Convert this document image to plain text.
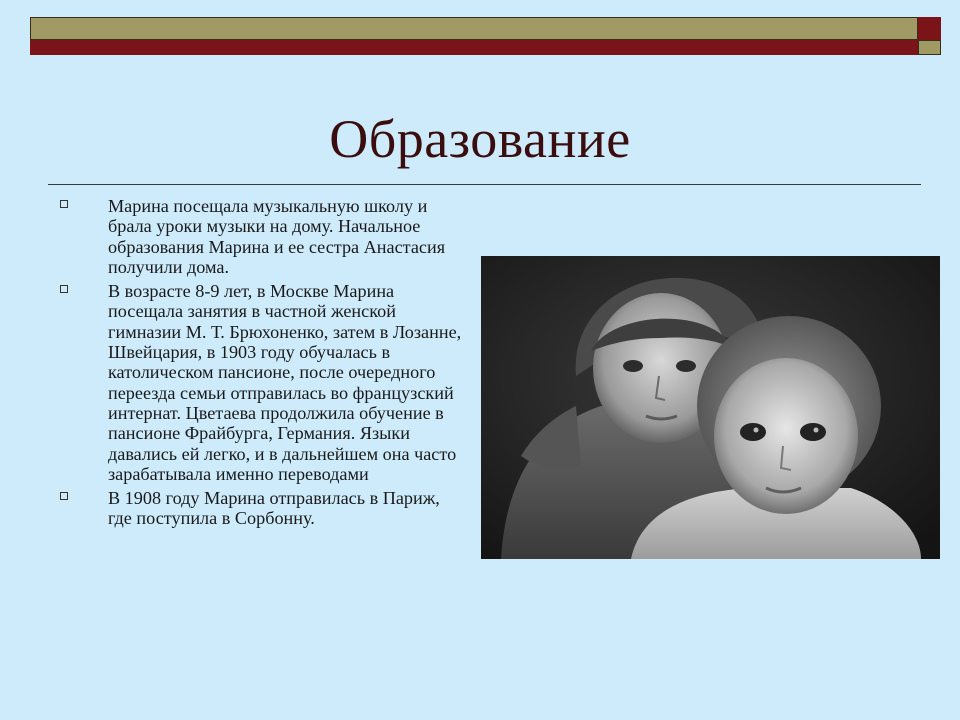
Образование
Марина посещала музыкальную школу и брала уроки музыки на дому. Начальное образования Марина и ее сестра Анастасия получили дома.
В возрасте 8-9 лет, в Москве Марина посещала занятия в частной женской гимназии М. Т. Брюхоненко, затем в Лозанне, Швейцария, в 1903 году обучалась в католическом пансионе, после очередного переезда семьи отправилась во французский интернат. Цветаева продолжила обучение в пансионе Фрайбурга, Германия. Языки давались ей легко, и в дальнейшем она часто зарабатывала именно переводами
В 1908 году Марина отправилась в Париж, где поступила в Сорбонну.
